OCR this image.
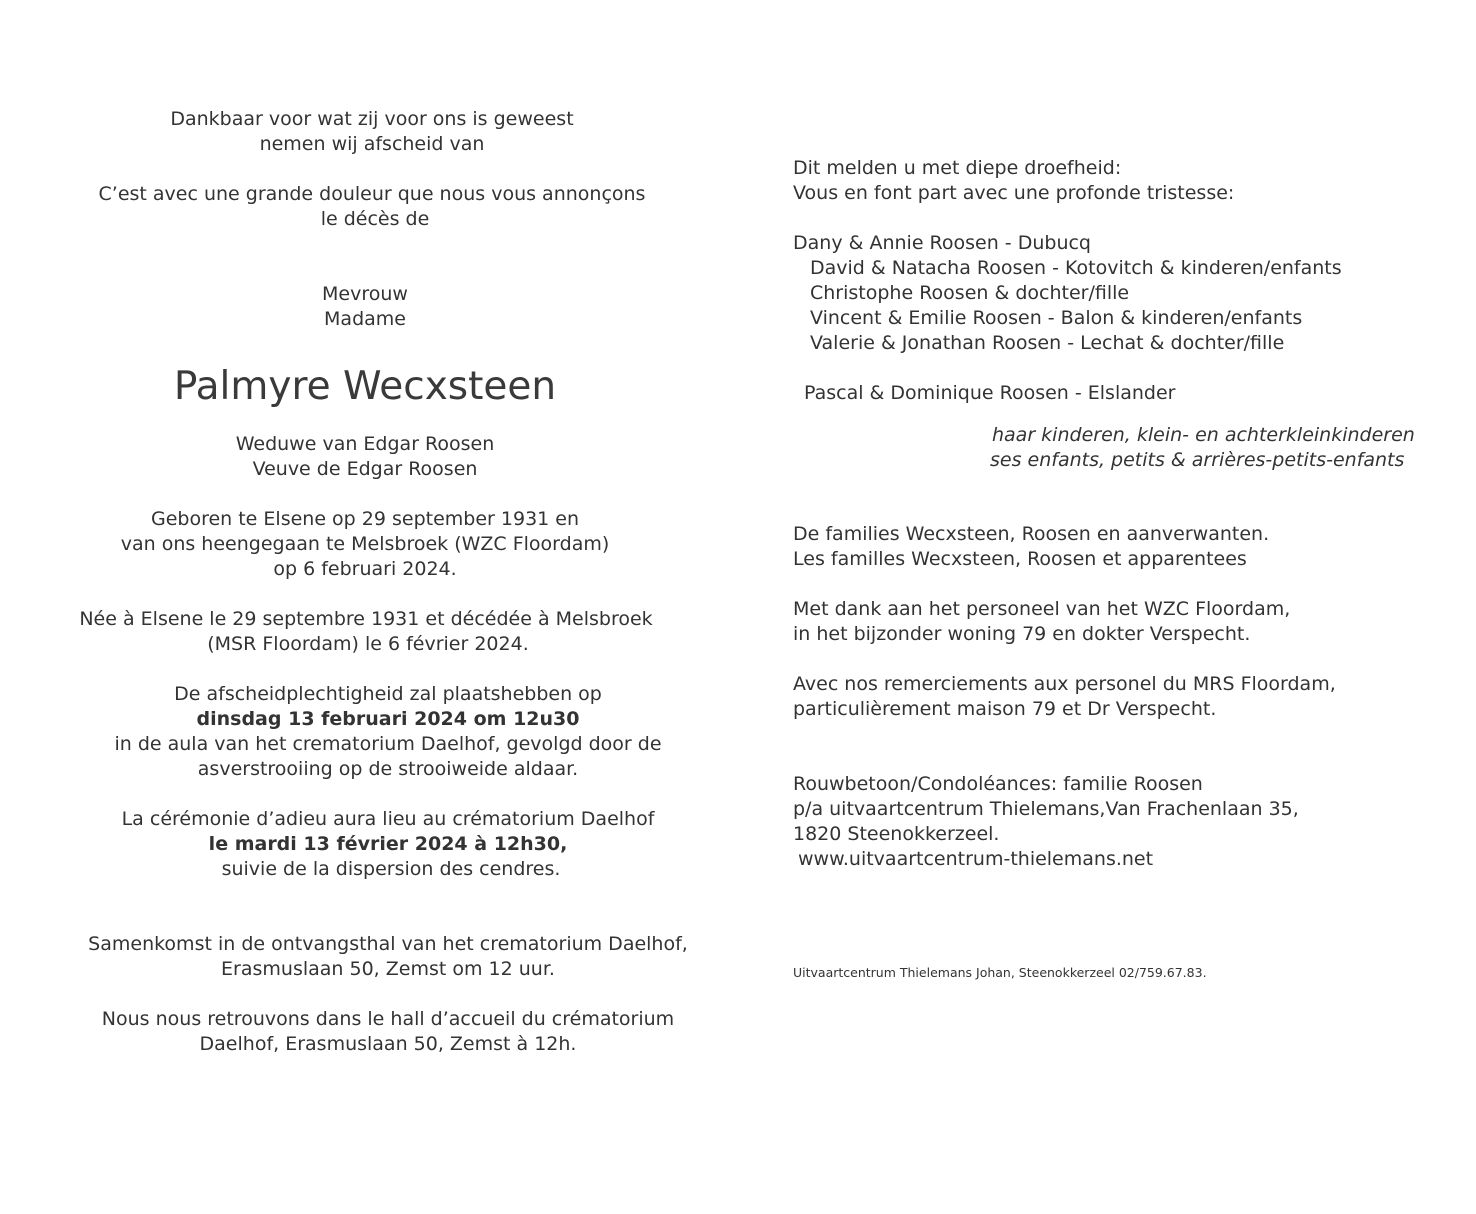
Dankbaar voor wat zij voor ons is geweest
nemen wij afscheid van
C’est avec une grande douleur que nous vous annonçons
le décès de
Mevrouw
Madame
Palmyre Wecxsteen
Weduwe van Edgar Roosen
Veuve de Edgar Roosen
Geboren te Elsene op 29 september 1931 en
van ons heengegaan te Melsbroek (WZC Floordam)
op 6 februari 2024.
Née à Elsene le 29 septembre 1931 et décédée à Melsbroek
(MSR Floordam) le 6 février 2024.
De afscheidplechtigheid zal plaatshebben op
dinsdag 13 februari 2024 om 12u30
in de aula van het crematorium Daelhof, gevolgd door de
asverstrooiing op de strooiweide aldaar.
La cérémonie d’adieu aura lieu au crématorium Daelhof
le mardi 13 février 2024 à 12h30,
suivie de la dispersion des cendres.
Samenkomst in de ontvangsthal van het crematorium Daelhof,
Erasmuslaan 50, Zemst om 12 uur.
Nous nous retrouvons dans le hall d’accueil du crématorium
Daelhof, Erasmuslaan 50, Zemst à 12h.
Dit melden u met diepe droefheid:
Vous en font part avec une profonde tristesse:
Dany & Annie Roosen - Dubucq
David & Natacha Roosen - Kotovitch & kinderen/enfants
Christophe Roosen & dochter/fille
Vincent & Emilie Roosen - Balon & kinderen/enfants
Valerie & Jonathan Roosen - Lechat & dochter/fille
Pascal & Dominique Roosen - Elslander
haar kinderen, klein- en achterkleinkinderen
ses enfants, petits & arrières-petits-enfants
De families Wecxsteen, Roosen en aanverwanten.
Les familles Wecxsteen, Roosen et apparentees
Met dank aan het personeel van het WZC Floordam,
in het bijzonder woning 79 en dokter Verspecht.
Avec nos remerciements aux personel du MRS Floordam,
particulièrement maison 79 et Dr Verspecht.
Rouwbetoon/Condoléances: familie Roosen
p/a uitvaartcentrum Thielemans,Van Frachenlaan 35,
1820 Steenokkerzeel.
www.uitvaartcentrum-thielemans.net
Uitvaartcentrum Thielemans Johan, Steenokkerzeel 02/759.67.83.
